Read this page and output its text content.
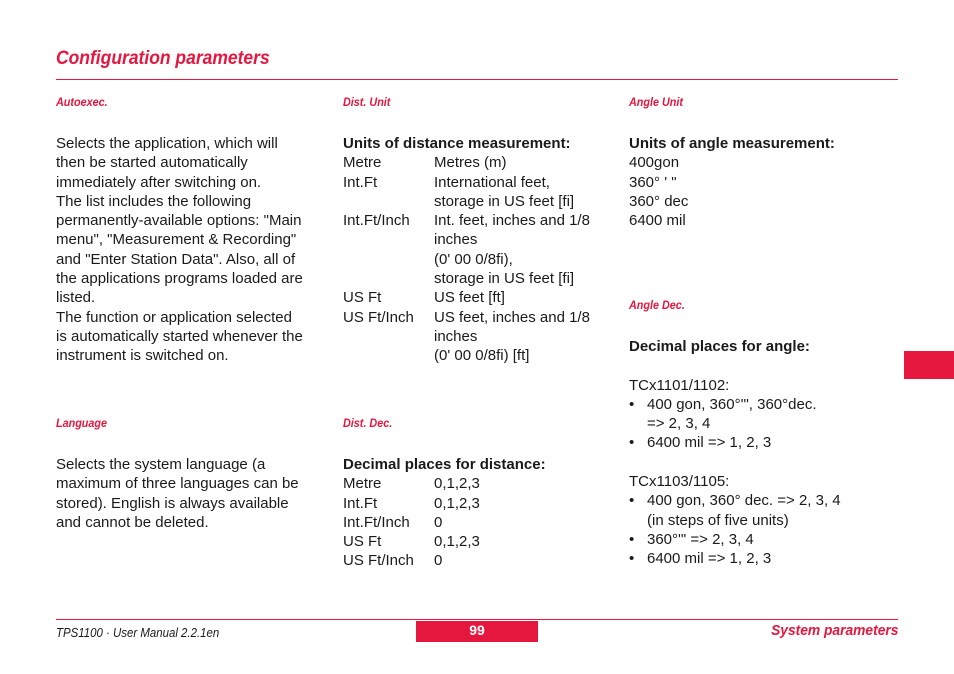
Configuration parameters
Autoexec.

Selects the application, which will

then be started automatically

immediately after switching on.

The list includes the following

permanently-available options: "Main

menu", "Measurement & Recording"

and "Enter Station Data". Also, all of

the applications programs loaded are

listed.

The function or application selected

is automatically started whenever the

instrument is switched on.

Language

Selects the system language (a

maximum of three languages can be

stored). English is always available

and cannot be deleted.

Dist. Unit

Units of distance measurement:

Metre	Metres (m)
Int.Ft	International feet,
storage in US feet [fi]
Int.Ft/Inch	Int. feet, inches and 1/8
inches
(0' 00 0/8fi),
storage in US feet [fi]
US Ft	US feet [ft]
US Ft/Inch	US feet, inches and 1/8
inches
(0' 00 0/8fi) [ft]
Dist. Dec.

Decimal places for distance:

Metre	0,1,2,3
Int.Ft	0,1,2,3
Int.Ft/Inch	0
US Ft	0,1,2,3
US Ft/Inch	0
Angle Unit

Units of angle measurement:

400gon

360° ' "

360° dec

6400 mil

Angle Dec.

Decimal places for angle:

TCx1101/1102:

• 400 gon, 360°'", 360°dec.
=> 2, 3, 4
• 6400 mil => 1, 2, 3

TCx1103/1105:

• 400 gon, 360° dec. => 2, 3, 4
(in steps of five units)
• 360°'" => 2, 3, 4
• 6400 mil => 1, 2, 3
TPS1100 · User Manual 2.2.1en	99	System parameters
